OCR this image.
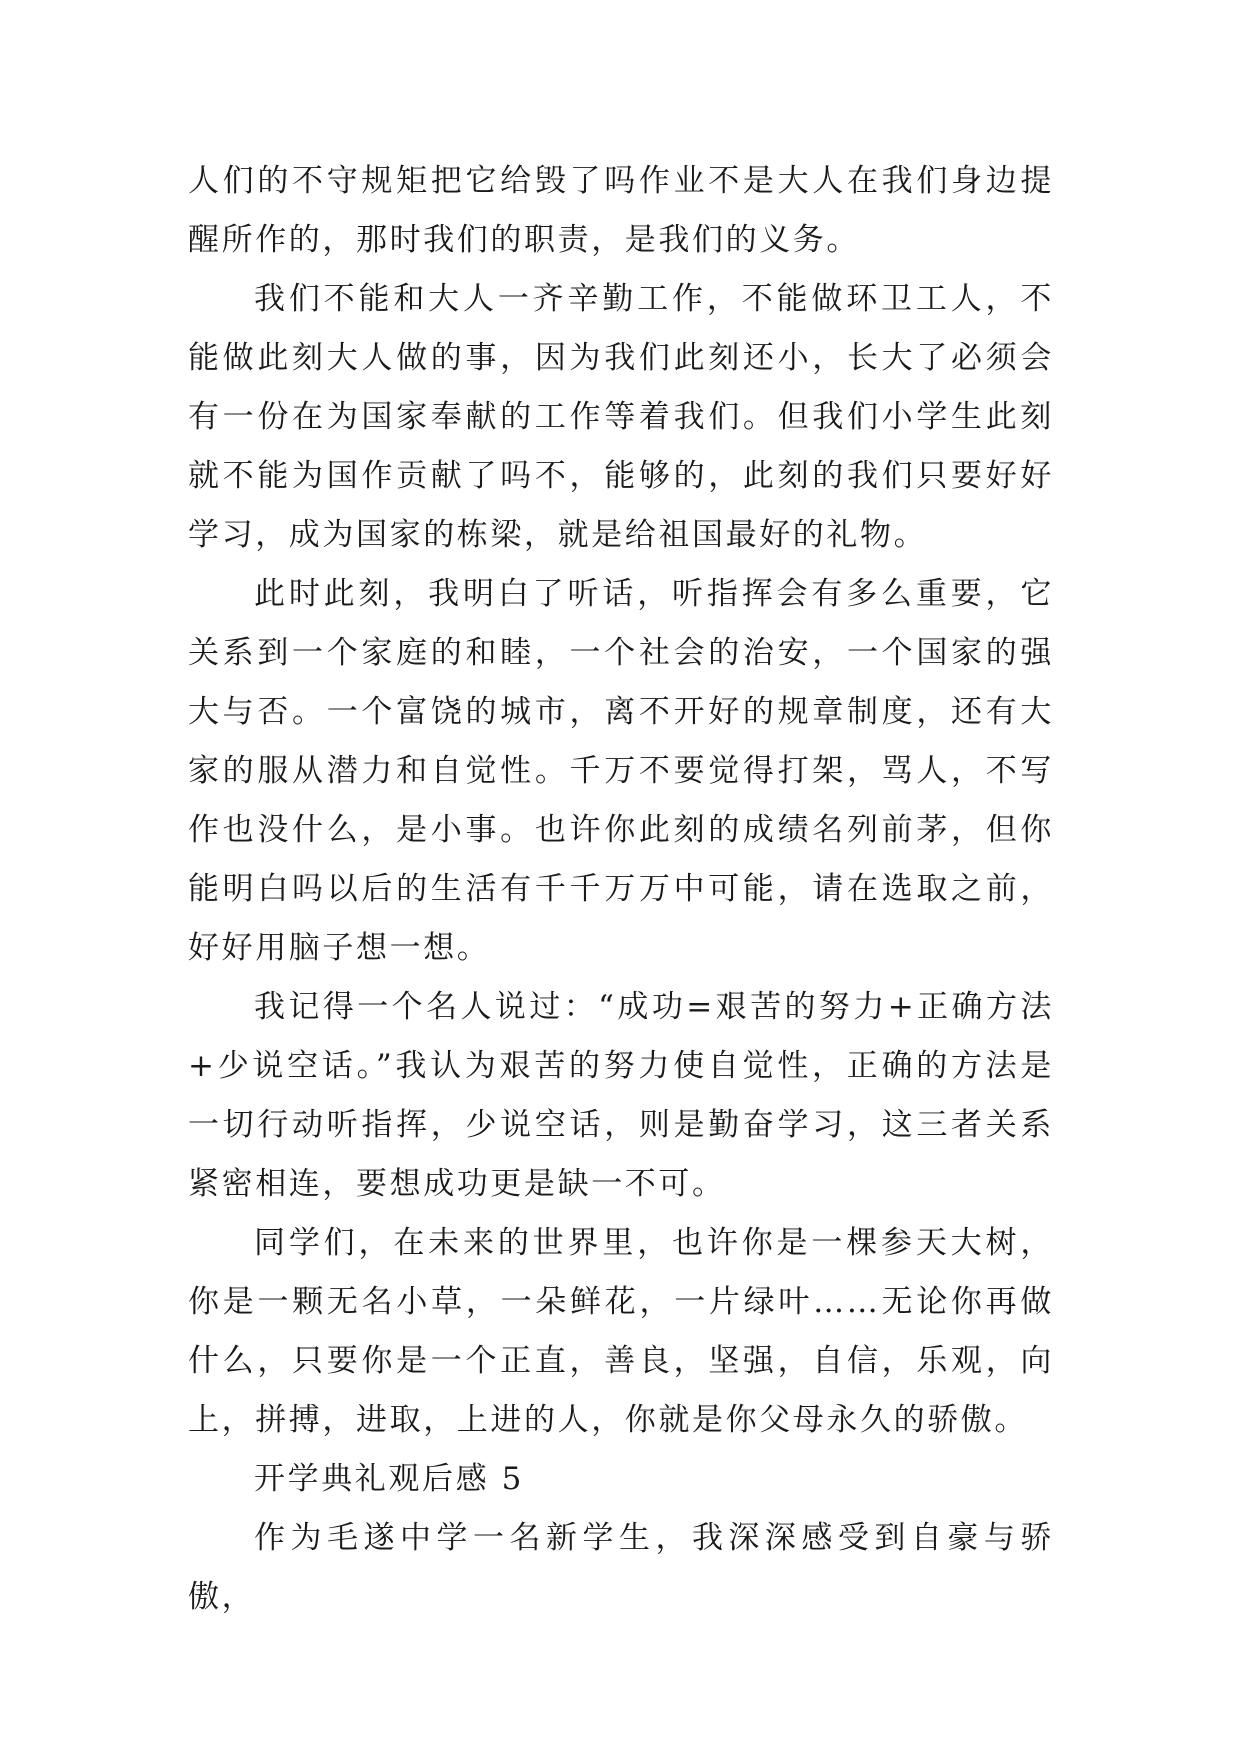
人们的不守规矩把它给毁了吗作业不是大人在我们身边提醒所作的，那时我们的职责，是我们的义务。

我们不能和大人一齐辛勤工作，不能做环卫工人，不能做此刻大人做的事，因为我们此刻还小，长大了必须会有一份在为国家奉献的工作等着我们。但我们小学生此刻就不能为国作贡献了吗不，能够的，此刻的我们只要好好学习，成为国家的栋梁，就是给祖国最好的礼物。

此时此刻，我明白了听话，听指挥会有多么重要，它关系到一个家庭的和睦，一个社会的治安，一个国家的强大与否。一个富饶的城市，离不开好的规章制度，还有大家的服从潜力和自觉性。千万不要觉得打架，骂人，不写作也没什么，是小事。也许你此刻的成绩名列前茅，但你能明白吗以后的生活有千千万万中可能，请在选取之前，好好用脑子想一想。

我记得一个名人说过：“成功=艰苦的努力+正确方法+少说空话。”我认为艰苦的努力使自觉性，正确的方法是一切行动听指挥，少说空话，则是勤奋学习，这三者关系紧密相连，要想成功更是缺一不可。

同学们，在未来的世界里，也许你是一棵参天大树，你是一颗无名小草，一朵鲜花，一片绿叶……无论你再做什么，只要你是一个正直，善良，坚强，自信，乐观，向上，拼搏，进取，上进的人，你就是你父母永久的骄傲。

开学典礼观后感 5

作为毛遂中学一名新学生，我深深感受到自豪与骄傲，
